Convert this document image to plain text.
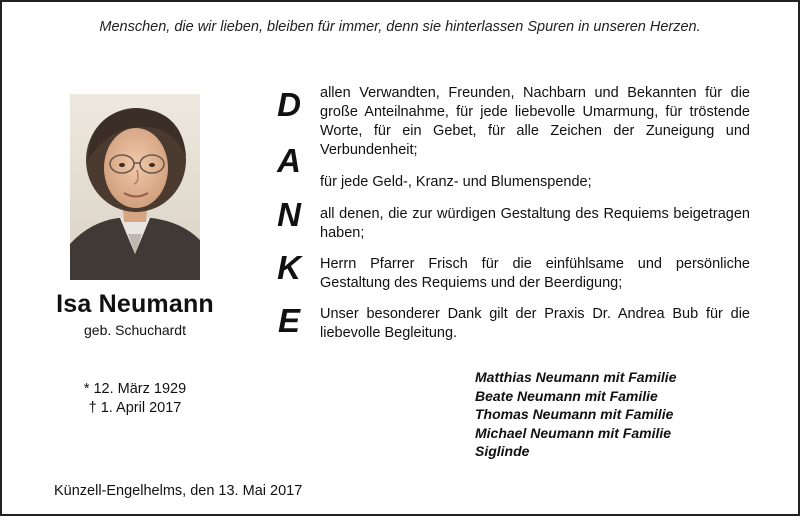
Menschen, die wir lieben, bleiben für immer, denn sie hinterlassen Spuren in unseren Herzen.
Isa Neumann
geb. Schuchardt
* 12. März 1929
† 1. April 2017
D
A
N
K
E
allen Verwandten, Freunden, Nachbarn und Bekannten für die große Anteilnahme, für jede liebevolle Umarmung, für tröstende Worte, für ein Gebet, für alle Zeichen der Zuneigung und Verbundenheit;
für jede Geld-, Kranz- und Blumenspende;
all denen, die zur würdigen Gestaltung des Requiems beigetragen haben;
Herrn Pfarrer Frisch für die einfühlsame und persönliche Gestaltung des Requiems und der Beerdigung;
Unser besonderer Dank gilt der Praxis Dr. Andrea Bub für die liebevolle Begleitung.
Matthias Neumann mit Familie
Beate Neumann mit Familie
Thomas Neumann mit Familie
Michael Neumann mit Familie
Siglinde
Künzell-Engelhelms, den 13. Mai 2017
